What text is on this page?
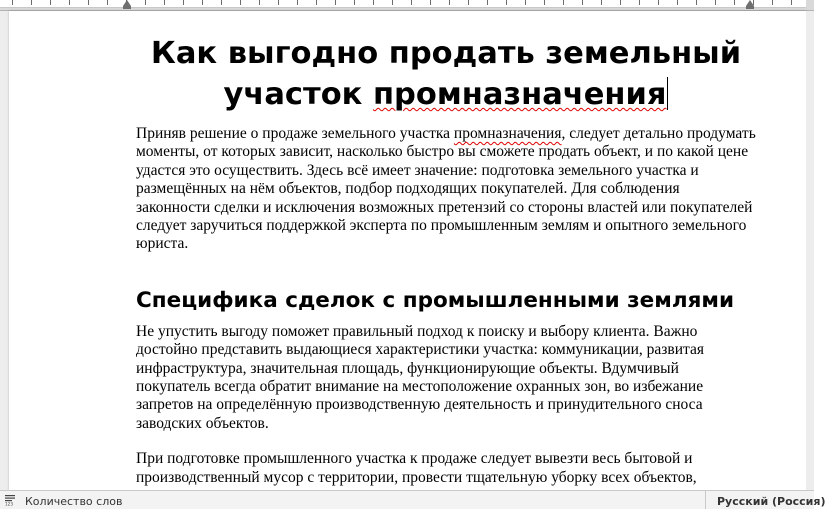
Как выгодно продать земельный
участок промназначения

Приняв решение о продаже земельного участка промназначения, следует детально продумать моменты, от которых зависит, насколько быстро вы сможете продать объект, и по какой цене удастся это осуществить. Здесь всё имеет значение: подготовка земельного участка и размещённых на нём объектов, подбор подходящих покупателей. Для соблюдения законности сделки и исключения возможных претензий со стороны властей или покупателей следует заручиться поддержкой эксперта по промышленным землям и опытного земельного юриста.

Специфика сделок с промышленными землями

Не упустить выгоду поможет правильный подход к поиску и выбору клиента. Важно достойно представить выдающиеся характеристики участка: коммуникации, развитая инфраструктура, значительная площадь, функционирующие объекты. Вдумчивый покупатель всегда обратит внимание на местоположение охранных зон, во избежание запретов на определённую производственную деятельность и принудительного сноса заводских объектов.

При подготовке промышленного участка к продаже следует вывезти весь бытовой и производственный мусор с территории, провести тщательную уборку всех объектов,

123 Количество слов	Русский (Россия)
